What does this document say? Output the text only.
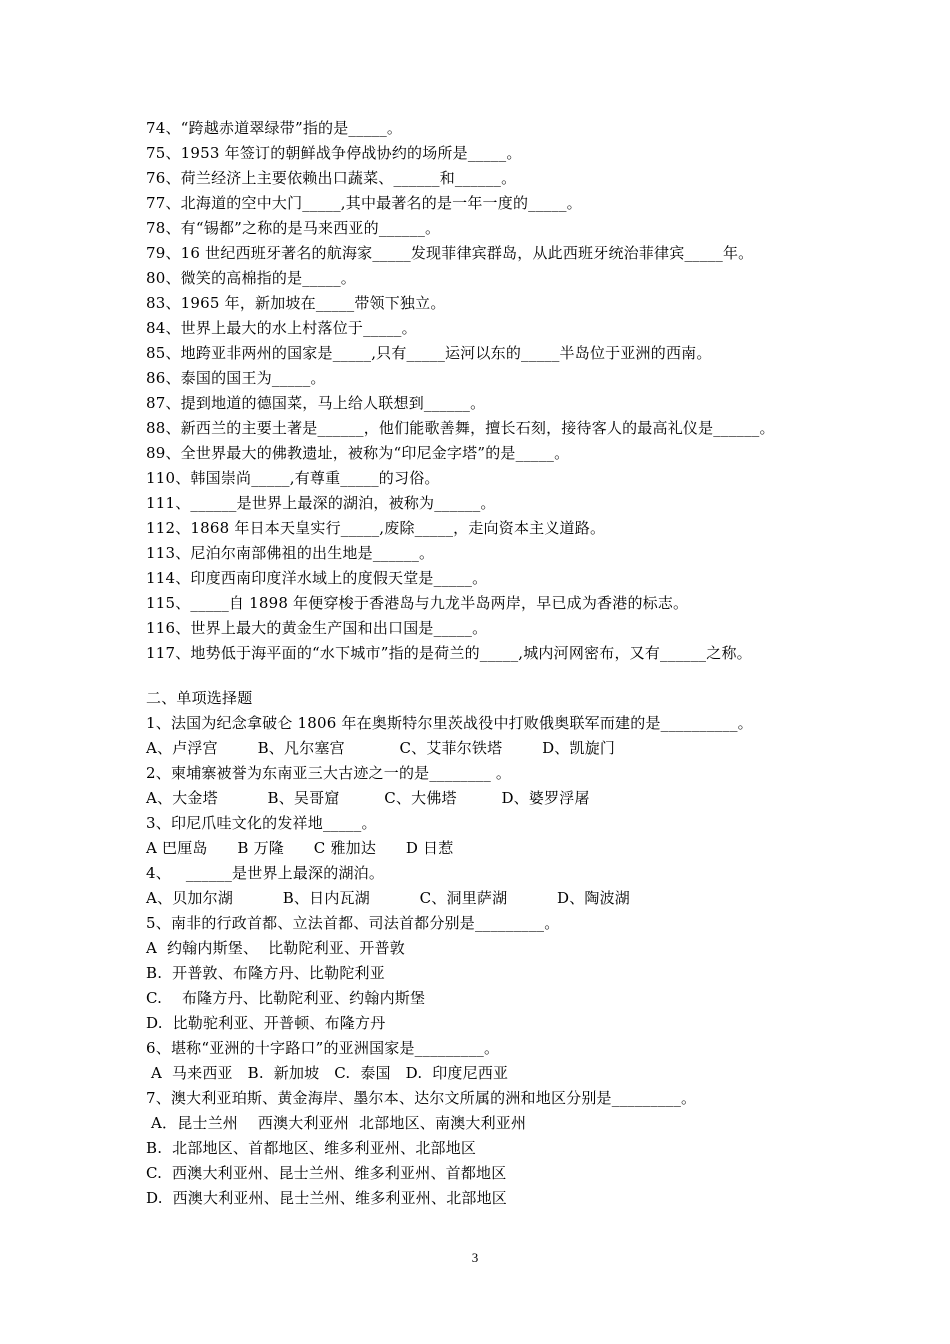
74、“跨越赤道翠绿带”指的是_____。
75、1953 年签订的朝鲜战争停战协约的场所是_____。
76、荷兰经济上主要依赖出口蔬菜、______和______。
77、北海道的空中大门_____,其中最著名的是一年一度的_____。
78、有“锡都”之称的是马来西亚的______。
79、16 世纪西班牙著名的航海家_____发现菲律宾群岛，从此西班牙统治菲律宾_____年。
80、微笑的高棉指的是_____。
83、1965 年，新加坡在_____带领下独立。
84、世界上最大的水上村落位于_____。
85、地跨亚非两州的国家是_____,只有_____运河以东的_____半岛位于亚洲的西南。
86、泰国的国王为_____。
87、提到地道的德国菜，马上给人联想到______。
88、新西兰的主要土著是______，他们能歌善舞，擅长石刻，接待客人的最高礼仪是______。
89、全世界最大的佛教遗址，被称为“印尼金字塔”的是_____。
110、韩国崇尚_____,有尊重_____的习俗。
111、______是世界上最深的湖泊，被称为______。
112、1868 年日本天皇实行_____,废除_____，走向资本主义道路。
113、尼泊尔南部佛祖的出生地是______。
114、印度西南印度洋水域上的度假天堂是_____。
115、_____自 1898 年便穿梭于香港岛与九龙半岛两岸，早已成为香港的标志。
116、世界上最大的黄金生产国和出口国是_____。
117、地势低于海平面的“水下城市”指的是荷兰的_____,城内河网密布，又有______之称。
二、单项选择题
1、法国为纪念拿破仑 1806 年在奥斯特尔里茨战役中打败俄奥联军而建的是__________。
A、卢浮宫        B、凡尔塞宫           C、艾菲尔铁塔        D、凯旋门
2、柬埔寨被誉为东南亚三大古迹之一的是________ 。
A、大金塔          B、吴哥窟         C、大佛塔         D、婆罗浮屠
3、印尼爪哇文化的发祥地_____。
A 巴厘岛      B 万隆      C 雅加达      D 日惹
4、   ______是世界上最深的湖泊。
A、贝加尔湖          B、日内瓦湖          C、洞里萨湖          D、陶波湖
5、南非的行政首都、立法首都、司法首都分别是_________。
A  约翰内斯堡、  比勒陀利亚、开普敦
B.  开普敦、布隆方丹、比勒陀利亚
C.    布隆方丹、比勒陀利亚、约翰内斯堡
D.  比勒驼利亚、开普顿、布隆方丹
6、堪称“亚洲的十字路口”的亚洲国家是_________。
A  马来西亚   B.  新加坡   C.  泰国   D.  印度尼西亚
7、澳大利亚珀斯、黄金海岸、墨尔本、达尔文所属的洲和地区分别是_________。
A．昆士兰州    西澳大利亚州  北部地区、南澳大利亚州
B.  北部地区、首都地区、维多利亚州、北部地区
C.  西澳大利亚州、昆士兰州、维多利亚州、首都地区
D.  西澳大利亚州、昆士兰州、维多利亚州、北部地区
3
